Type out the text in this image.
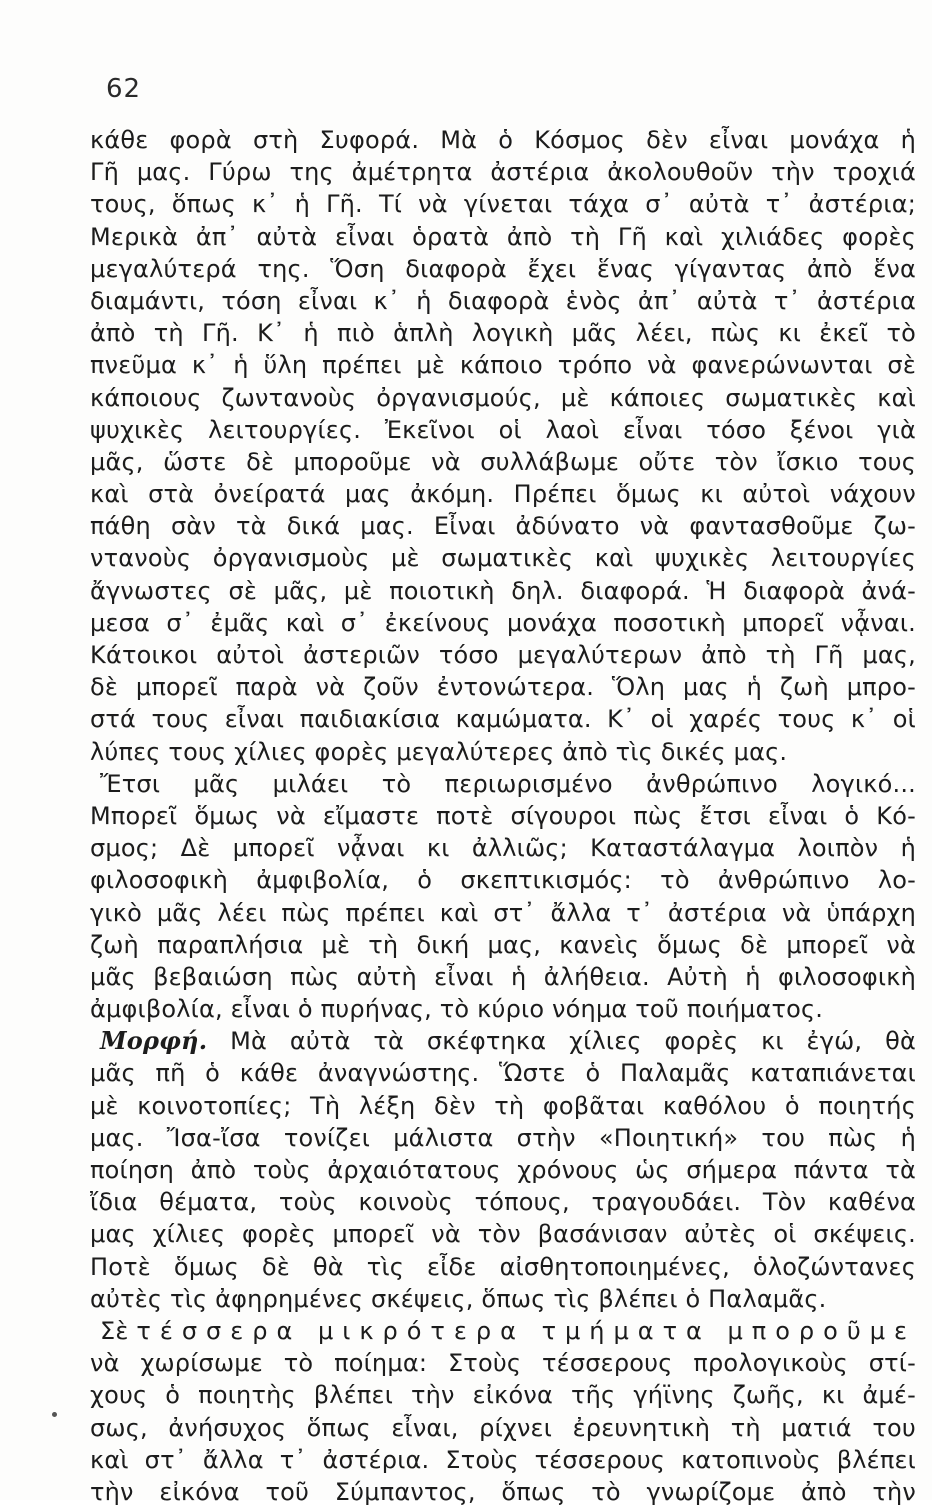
62
κάθε φορὰ στὴ Συφορά. Μὰ ὁ Κόσμος δὲν εἶναι μονάχα ἡ
Γῆ μας. Γύρω της ἀμέτρητα ἀστέρια ἀκολουθοῦν τὴν τροχιά
τους, ὅπως κ᾽ ἡ Γῆ. Τί νὰ γίνεται τάχα σ᾽ αὐτὰ τ᾽ ἀστέρια;
Μερικὰ ἀπ᾽ αὐτὰ εἶναι ὁρατὰ ἀπὸ τὴ Γῆ καὶ χιλιάδες φορὲς
μεγαλύτερά της. Ὅση διαφορὰ ἔχει ἕνας γίγαντας ἀπὸ ἕνα
διαμάντι, τόση εἶναι κ᾽ ἡ διαφορὰ ἑνὸς ἀπ᾽ αὐτὰ τ᾽ ἀστέρια
ἀπὸ τὴ Γῆ. Κ᾽ ἡ πιὸ ἁπλὴ λογικὴ μᾶς λέει, πὼς κι ἐκεῖ τὸ
πνεῦμα κ᾽ ἡ ὕλη πρέπει μὲ κάποιο τρόπο νὰ φανερώνωνται σὲ
κάποιους ζωντανοὺς ὀργανισμούς, μὲ κάποιες σωματικὲς καὶ
ψυχικὲς λειτουργίες. Ἐκεῖνοι οἱ λαοὶ εἶναι τόσο ξένοι γιὰ
μᾶς, ὥστε δὲ μποροῦμε νὰ συλλάβωμε οὔτε τὸν ἴσκιο τους
καὶ στὰ ὀνείρατά μας ἀκόμη. Πρέπει ὅμως κι αὐτοὶ νάχουν
πάθη σὰν τὰ δικά μας. Εἶναι ἀδύνατο νὰ φαντασθοῦμε ζω-
ντανοὺς ὀργανισμοὺς μὲ σωματικὲς καὶ ψυχικὲς λειτουργίες
ἄγνωστες σὲ μᾶς, μὲ ποιοτικὴ δηλ. διαφορά. Ἡ διαφορὰ ἀνά-
μεσα σ᾽ ἐμᾶς καὶ σ᾽ ἐκείνους μονάχα ποσοτικὴ μπορεῖ νᾆναι.
Κάτοικοι αὐτοὶ ἀστεριῶν τόσο μεγαλύτερων ἀπὸ τὴ Γῆ μας,
δὲ μπορεῖ παρὰ νὰ ζοῦν ἐντονώτερα. Ὅλη μας ἡ ζωὴ μπρο-
στά τους εἶναι παιδιακίσια καμώματα. Κ᾽ οἱ χαρές τους κ᾽ οἱ
λύπες τους χίλιες φορὲς μεγαλύτερες ἀπὸ τὶς δικές μας.
Ἔτσι μᾶς μιλάει τὸ περιωρισμένο ἀνθρώπινο λογικό...
Μπορεῖ ὅμως νὰ εἴμαστε ποτὲ σίγουροι πὼς ἔτσι εἶναι ὁ Κό-
σμος; Δὲ μπορεῖ νᾆναι κι ἀλλιῶς; Καταστάλαγμα λοιπὸν ἡ
φιλοσοφικὴ ἀμφιβολία, ὁ σκεπτικισμός: τὸ ἀνθρώπινο λο-
γικὸ μᾶς λέει πὼς πρέπει καὶ στ᾽ ἄλλα τ᾽ ἀστέρια νὰ ὑπάρχη
ζωὴ παραπλήσια μὲ τὴ δική μας, κανεὶς ὅμως δὲ μπορεῖ νὰ
μᾶς βεβαιώση πὼς αὐτὴ εἶναι ἡ ἀλήθεια. Αὐτὴ ἡ φιλοσοφικὴ
ἀμφιβολία, εἶναι ὁ πυρήνας, τὸ κύριο νόημα τοῦ ποιήματος.
Μορφή. Μὰ αὐτὰ τὰ σκέφτηκα χίλιες φορὲς κι ἐγώ, θὰ
μᾶς πῆ ὁ κάθε ἀναγνώστης. Ὥστε ὁ Παλαμᾶς καταπιάνεται
μὲ κοινοτοπίες; Τὴ λέξη δὲν τὴ φοβᾶται καθόλου ὁ ποιητής
μας. Ἴσα-ἴσα τονίζει μάλιστα στὴν «Ποιητική» του πὼς ἡ
ποίηση ἀπὸ τοὺς ἀρχαιότατους χρόνους ὡς σήμερα πάντα τὰ
ἴδια θέματα, τοὺς κοινοὺς τόπους, τραγουδάει. Τὸν καθένα
μας χίλιες φορὲς μπορεῖ νὰ τὸν βασάνισαν αὐτὲς οἱ σκέψεις.
Ποτὲ ὅμως δὲ θὰ τὶς εἶδε αἰσθητοποιημένες, ὁλοζώντανες
αὐτὲς τὶς ἀφηρημένες σκέψεις, ὅπως τὶς βλέπει ὁ Παλαμᾶς.
Σὲ τέσσερα μικρότερα τμήματα μποροῦμε
νὰ χωρίσωμε τὸ ποίημα: Στοὺς τέσσερους προλογικοὺς στί-
χους ὁ ποιητὴς βλέπει τὴν εἰκόνα τῆς γήϊνης ζωῆς, κι ἀμέ-
σως, ἀνήσυχος ὅπως εἶναι, ρίχνει ἐρευνητικὴ τὴ ματιά του
καὶ στ᾽ ἄλλα τ᾽ ἀστέρια. Στοὺς τέσσερους κατοπινοὺς βλέπει
τὴν εἰκόνα τοῦ Σύμπαντος, ὅπως τὸ γνωρίζομε ἀπὸ τὴν
